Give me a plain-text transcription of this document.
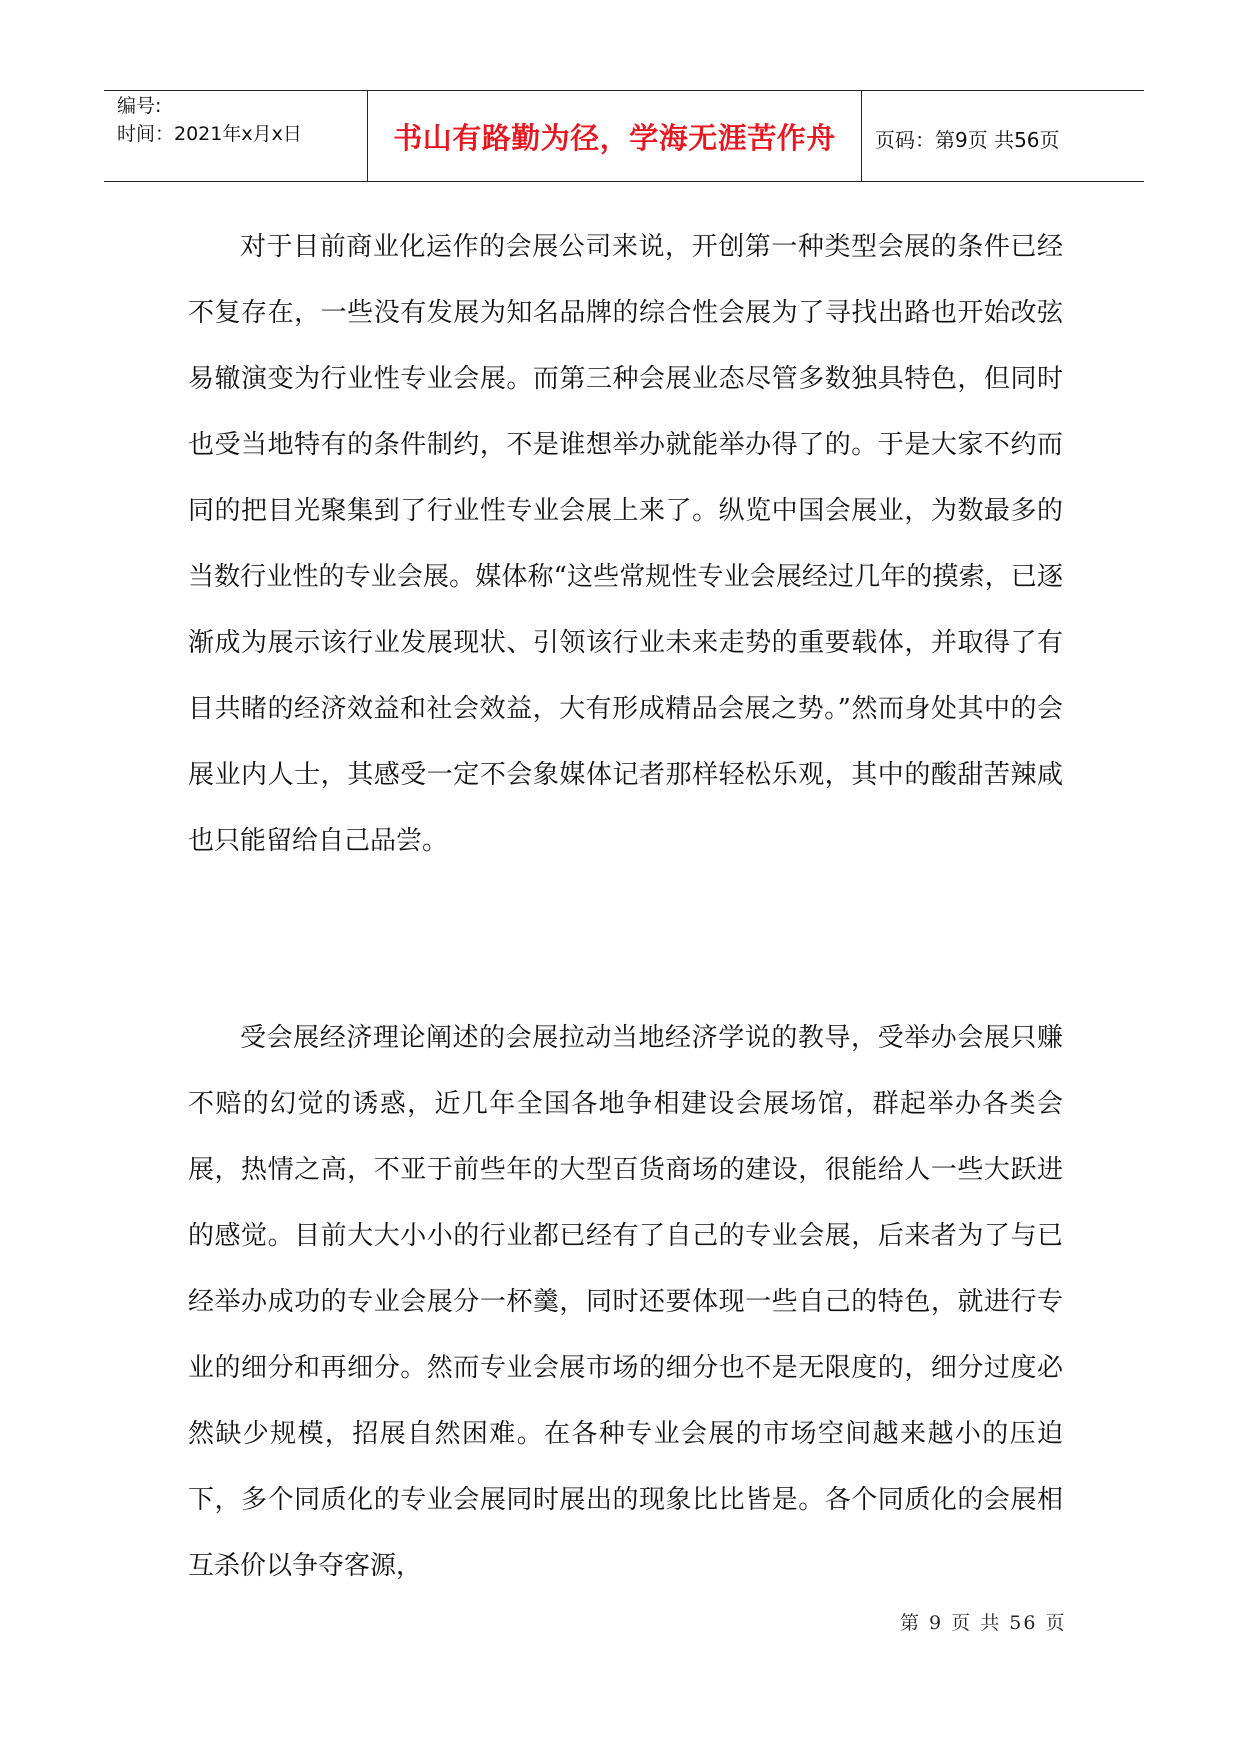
编号:
时间：2021年x月x日	书山有路勤为径，学海无涯苦作舟	页码：第9页 共56页

对于目前商业化运作的会展公司来说，开创第一种类型会展的条件已经不复存在，一些没有发展为知名品牌的综合性会展为了寻找出路也开始改弦易辙演变为行业性专业会展。而第三种会展业态尽管多数独具特色，但同时也受当地特有的条件制约，不是谁想举办就能举办得了的。于是大家不约而同的把目光聚集到了行业性专业会展上来了。纵览中国会展业，为数最多的当数行业性的专业会展。媒体称“这些常规性专业会展经过几年的摸索，已逐渐成为展示该行业发展现状、引领该行业未来走势的重要载体，并取得了有目共睹的经济效益和社会效益，大有形成精品会展之势。”然而身处其中的会展业内人士，其感受一定不会象媒体记者那样轻松乐观，其中的酸甜苦辣咸也只能留给自己品尝。

受会展经济理论阐述的会展拉动当地经济学说的教导，受举办会展只赚不赔的幻觉的诱惑，近几年全国各地争相建设会展场馆，群起举办各类会展，热情之高，不亚于前些年的大型百货商场的建设，很能给人一些大跃进的感觉。目前大大小小的行业都已经有了自己的专业会展，后来者为了与已经举办成功的专业会展分一杯羹，同时还要体现一些自己的特色，就进行专业的细分和再细分。然而专业会展市场的细分也不是无限度的，细分过度必然缺少规模，招展自然困难。在各种专业会展的市场空间越来越小的压迫下，多个同质化的专业会展同时展出的现象比比皆是。各个同质化的会展相互杀价以争夺客源，

第 9 页 共 56 页
